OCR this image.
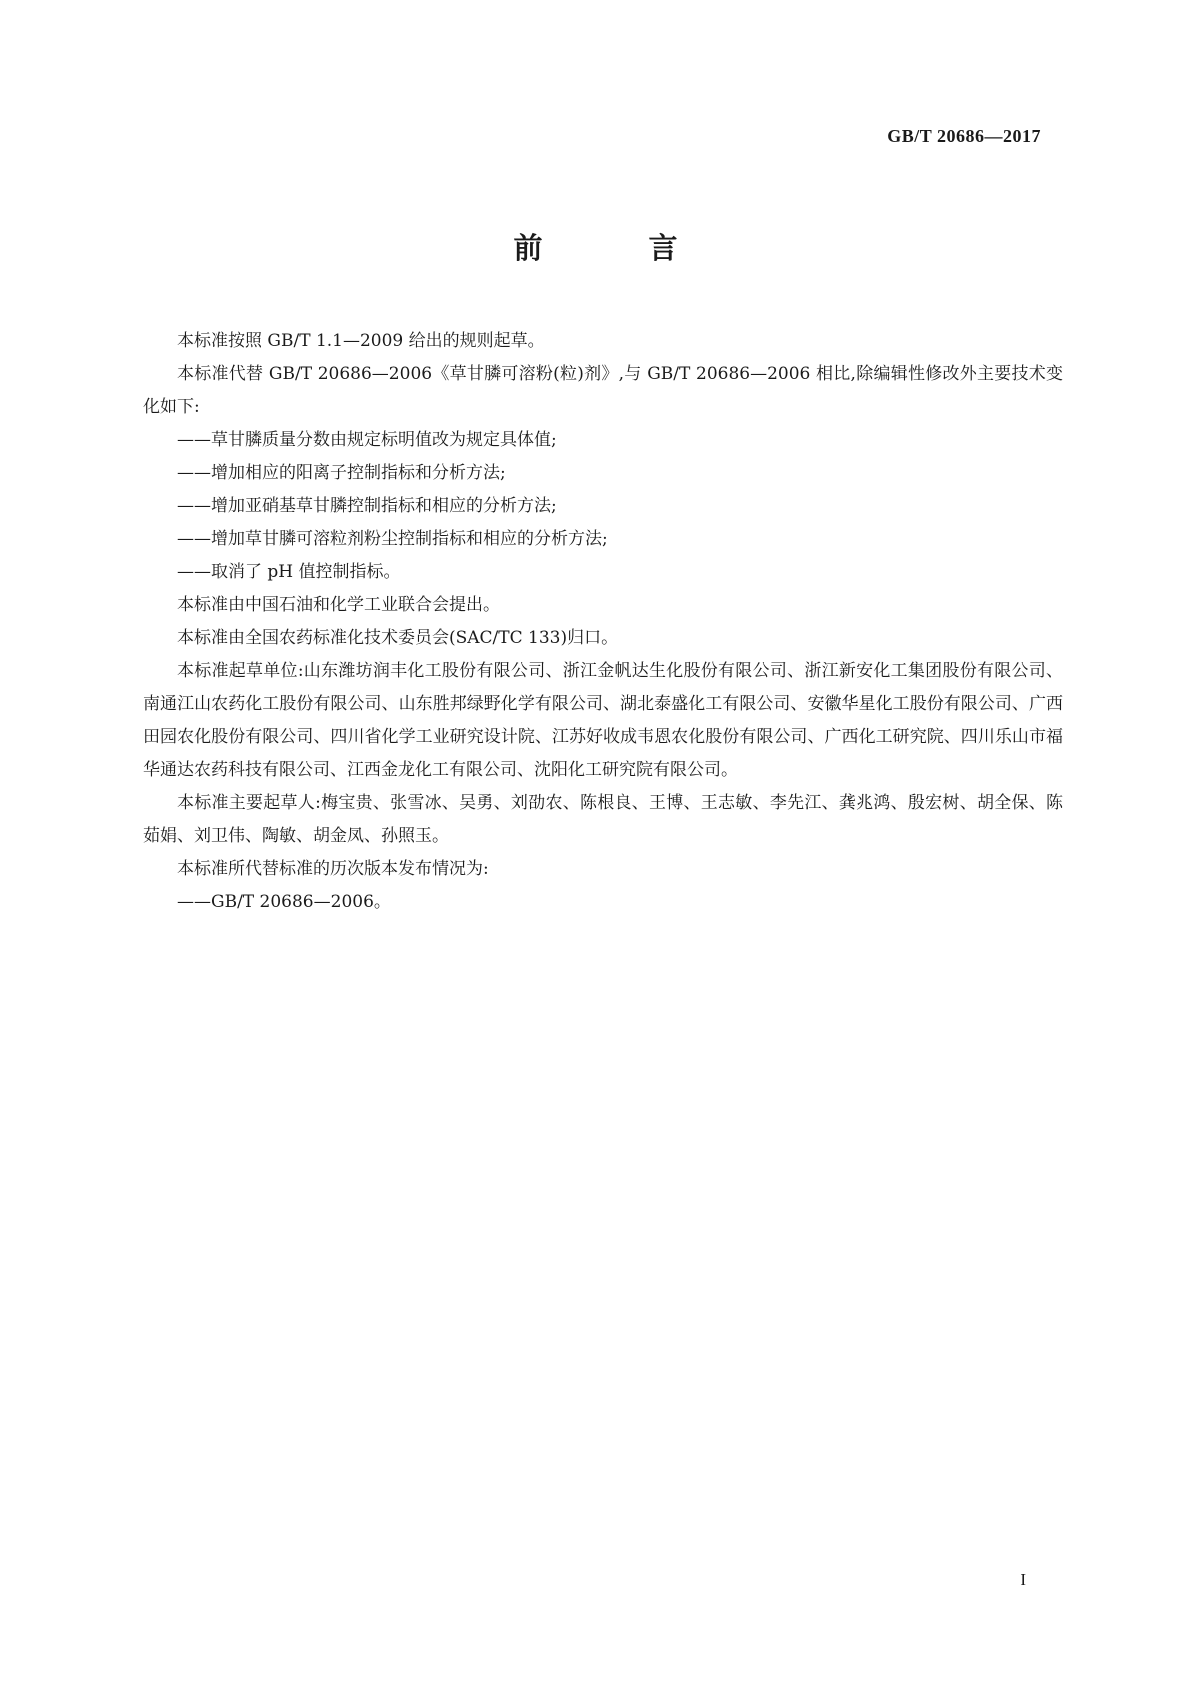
GB/T 20686—2017
前 言

本标准按照 GB/T 1.1—2009 给出的规则起草。

本标准代替 GB/T 20686—2006《草甘膦可溶粉(粒)剂》,与 GB/T 20686—2006 相比,除编辑性修改外主要技术变化如下:

——草甘膦质量分数由规定标明值改为规定具体值;

——增加相应的阳离子控制指标和分析方法;

——增加亚硝基草甘膦控制指标和相应的分析方法;

——增加草甘膦可溶粒剂粉尘控制指标和相应的分析方法;

——取消了 pH 值控制指标。

本标准由中国石油和化学工业联合会提出。

本标准由全国农药标准化技术委员会(SAC/TC 133)归口。

本标准起草单位:山东潍坊润丰化工股份有限公司、浙江金帆达生化股份有限公司、浙江新安化工集团股份有限公司、南通江山农药化工股份有限公司、山东胜邦绿野化学有限公司、湖北泰盛化工有限公司、安徽华星化工股份有限公司、广西田园农化股份有限公司、四川省化学工业研究设计院、江苏好收成韦恩农化股份有限公司、广西化工研究院、四川乐山市福华通达农药科技有限公司、江西金龙化工有限公司、沈阳化工研究院有限公司。

本标准主要起草人:梅宝贵、张雪冰、吴勇、刘劭农、陈根良、王博、王志敏、李先江、龚兆鸿、殷宏树、胡全保、陈茹娟、刘卫伟、陶敏、胡金凤、孙照玉。

本标准所代替标准的历次版本发布情况为:

——GB/T 20686—2006。

I
